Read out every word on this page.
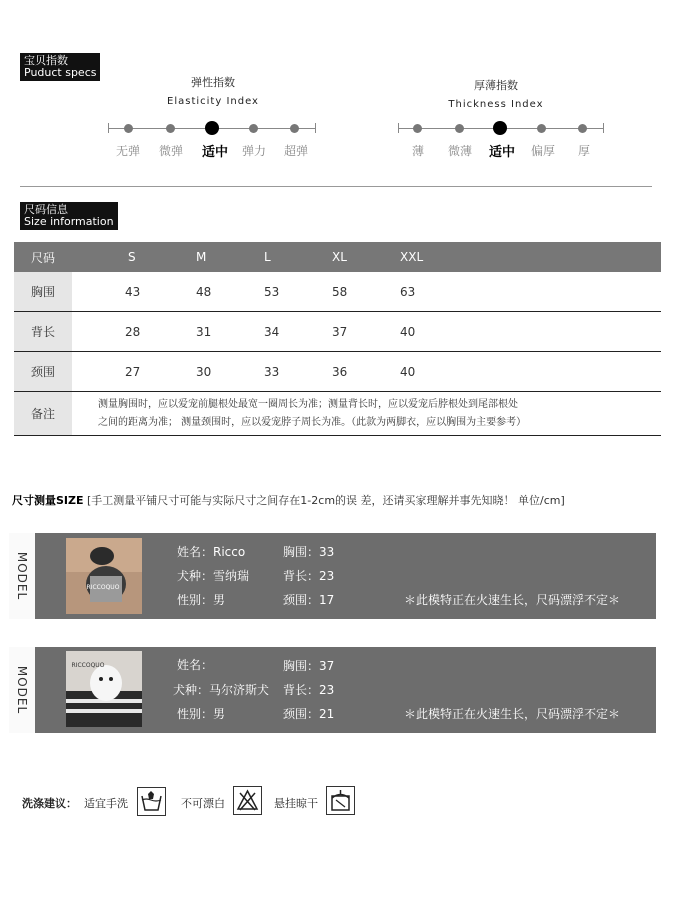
宝贝指数
Puduct specs
弹性指数
Elasticity Index
无弹	微弹	适中	弹力	超弹
厚薄指数
Thickness Index
薄	微薄	适中	偏厚	厚
尺码信息
Size information
尺码	S	M	L	XL	XXL
胸围	43	48	53	58	63
背长	28	31	34	37	40
颈围	27	30	33	36	40
备注	测量胸围时，应以爱宠前腿根处最宽一圈周长为准；测量背长时，应以爱宠后脖根处到尾部根处
之间的距离为准； 测量颈围时，应以爱宠脖子周长为准。（此款为两脚衣，应以胸围为主要参考）				
尺寸测量SIZE [手工测量平铺尺寸可能与实际尺寸之间存在1-2cm的误 差，还请买家理解并事先知晓！ 单位/cm]
MODEL	RICCOQUO
姓名：Ricco
犬种：雪纳瑞
性别：男
胸围：33
背长：23
颈围：17	＊此模特正在火速生长，尺码漂浮不定＊
MODEL
RICCOQUO	姓名：
犬种：马尔济斯犬
性别：男
胸围：37
背长：23
颈围：21	＊此模特正在火速生长，尺码漂浮不定＊
洗涤建议： 适宜手洗	不可漂白	悬挂晾干
